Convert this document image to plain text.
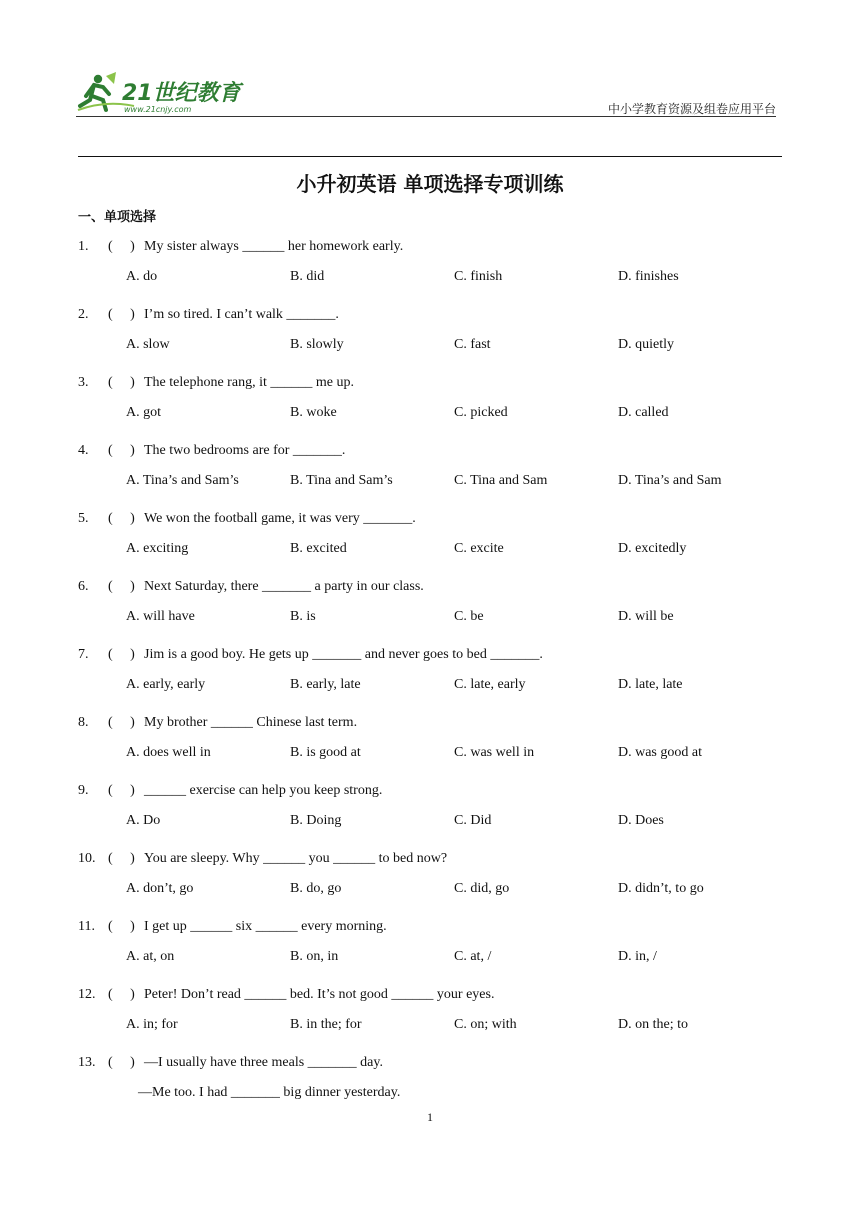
21世纪教育
www.21cnjy.com	中小学教育资源及组卷应用平台
小升初英语 单项选择专项训练
一、单项选择
1. (　 ) My sister always ______ her homework early.
A. do	B. did	C. finish	D. finishes
2. (　 ) I’m so tired. I can’t walk _______.
A. slow	B. slowly	C. fast	D. quietly
3. (　 ) The telephone rang, it ______ me up.
A. got	B. woke	C. picked	D. called
4. (　 ) The two bedrooms are for _______.
A. Tina’s and Sam’s	B. Tina and Sam’s	C. Tina and Sam	D. Tina’s and Sam
5. (　 ) We won the football game, it was very _______.
A. exciting	B. excited	C. excite	D. excitedly
6. (　 ) Next Saturday, there _______ a party in our class.
A. will have	B. is	C. be	D. will be
7. (　 ) Jim is a good boy. He gets up _______ and never goes to bed _______.
A. early, early	B. early, late	C. late, early	D. late, late
8. (　 ) My brother ______ Chinese last term.
A. does well in	B. is good at	C. was well in	D. was good at
9. (　 ) ______ exercise can help you keep strong.
A. Do	B. Doing	C. Did	D. Does
10. (　 ) You are sleepy. Why ______ you ______ to bed now?
A. don’t, go	B. do, go	C. did, go	D. didn’t, to go
11. (　 ) I get up ______ six ______ every morning.
A. at, on	B. on, in	C. at, /	D. in, /
12. (　 ) Peter! Don’t read ______ bed. It’s not good ______ your eyes.
A. in; for	B. in the; for	C. on; with	D. on the; to
13. (　 ) —I usually have three meals _______ day.
—Me too. I had _______ big dinner yesterday.
1
